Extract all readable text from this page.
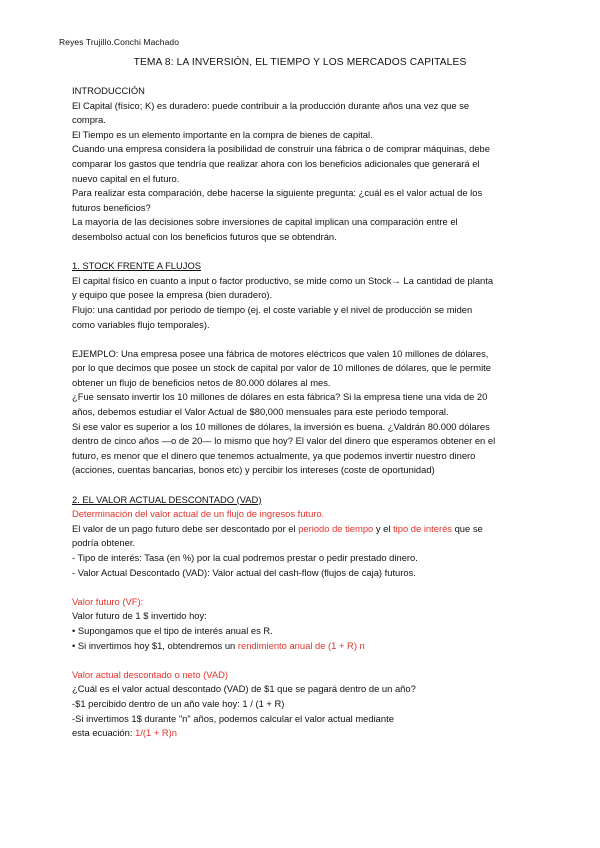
Reyes Trujillo.Conchi Machado
TEMA 8: LA INVERSIÓN, EL TIEMPO Y LOS MERCADOS CAPITALES

INTRODUCCIÓN

El Capital (físico; K) es duradero: puede contribuir a la producción durante años una vez que se

compra.

El Tiempo es un elemento importante en la compra de bienes de capital.

Cuando una empresa considera la posibilidad de construir una fábrica o de comprar máquinas, debe

comparar los gastos que tendría que realizar ahora con los beneficios adicionales que generará el

nuevo capital en el futuro.

Para realizar esta comparación, debe hacerse la siguiente pregunta: ¿cuál es el valor actual de los

futuros beneficios?

La mayoría de las decisiones sobre inversiones de capital implican una comparación entre el

desembolso actual con los beneficios futuros que se obtendrán.

1. STOCK FRENTE A FLUJOS

El capital físico en cuanto a input o factor productivo, se mide como un Stock→ La cantidad de planta

y equipo que posee la empresa (bien duradero).

Flujo: una cantidad por periodo de tiempo (ej. el coste variable y el nivel de producción se miden

como variables flujo temporales).

EJEMPLO: Una empresa posee una fábrica de motores eléctricos que valen 10 millones de dólares,

por lo que decimos que posee un stock de capital por valor de 10 millones de dólares, que le permite

obtener un flujo de beneficios netos de 80.000 dólares al mes.

¿Fue sensato invertir los 10 millones de dólares en esta fábrica? Si la empresa tiene una vida de 20

años, debemos estudiar el Valor Actual de $80,000 mensuales para este periodo temporal.

Si ese valor es superior a los 10 millones de dólares, la inversión es buena. ¿Valdrán 80.000 dólares

dentro de cinco años —o de 20— lo mismo que hoy? El valor del dinero que esperamos obtener en el

futuro, es menor que el dinero que tenemos actualmente, ya que podemos invertir nuestro dinero

(acciones, cuentas bancarias, bonos etc) y percibir los intereses (coste de oportunidad)

2. EL VALOR ACTUAL DESCONTADO (VAD)

Determinación del valor actual de un flujo de ingresos futuro.

El valor de un pago futuro debe ser descontado por el periodo de tiempo y el tipo de interés que se

podría obtener.

- Tipo de interés: Tasa (en %) por la cual podremos prestar o pedir prestado dinero.

- Valor Actual Descontado (VAD): Valor actual del cash-flow (flujos de caja) futuros.

Valor futuro (VF):

Valor futuro de 1 $ invertido hoy:

• Supongamos que el tipo de interés anual es R.

• Si invertimos hoy $1, obtendremos un rendimiento anual de (1 + R) n

Valor actual descontado o neto (VAD)

¿Cuál es el valor actual descontado (VAD) de $1 que se pagará dentro de un año?

-$1 percibido dentro de un año vale hoy: 1 / (1 + R)

-Si invertimos 1$ durante "n" años, podemos calcular el valor actual mediante

esta ecuación: 1/(1 + R)n
